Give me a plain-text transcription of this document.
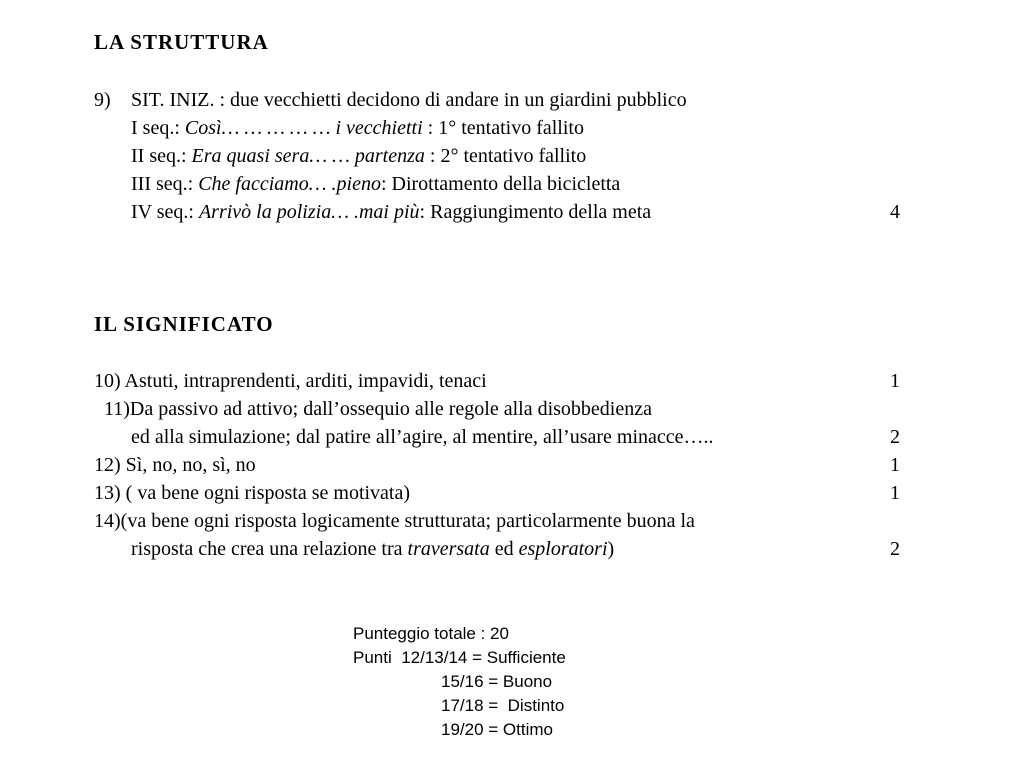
LA STRUTTURA
9) SIT. INIZ. : due vecchietti decidono di andare in un giardini pubblico
I seq.: Così… … … … … i vecchietti : 1° tentativo fallito
II seq.: Era quasi sera… … partenza : 2° tentativo fallito
III seq.: Che facciamo… .pieno: Dirottamento della bicicletta
IV seq.: Arrivò la polizia… .mai più: Raggiungimento della meta	4
IL SIGNIFICATO
10) Astuti, intraprendenti, arditi, impavidi, tenaci	1
11)Da passivo ad attivo; dall’ossequio alle regole alla disobbedienza
ed alla simulazione; dal patire all’agire, al mentire, all’usare minacce…..	2
12) Sì, no, no, sì, no	1
13) ( va bene ogni risposta se motivata)	1
14)(va bene ogni risposta logicamente strutturata; particolarmente buona la
risposta che crea una relazione tra traversata ed esploratori)	2
Punteggio totale : 20
Punti  12/13/14 = Sufficiente
15/16 = Buono
17/18 =  Distinto
19/20 = Ottimo
